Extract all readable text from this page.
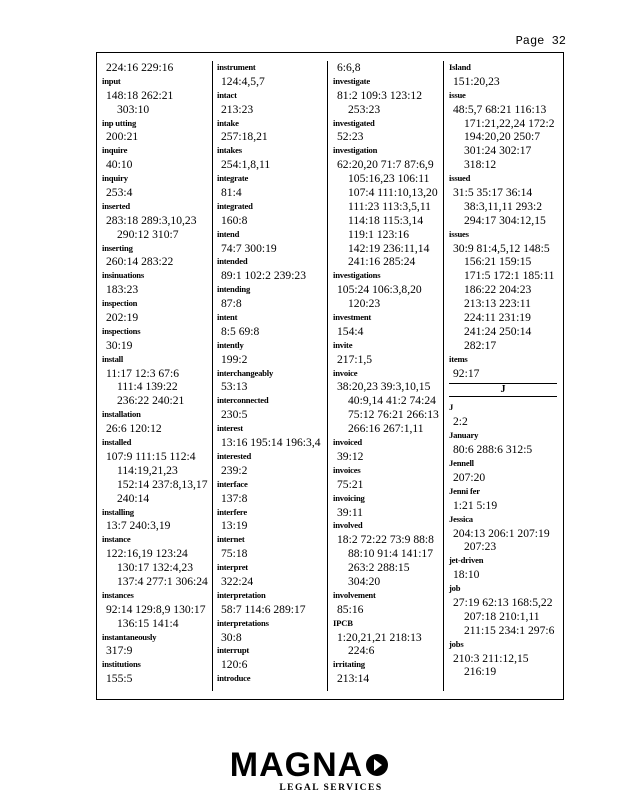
Page 32
224:16 229:16
input
148:18 262:21
303:10
inp utting
200:21
inquire
40:10
inquiry
253:4
inserted
283:18 289:3,10,23
290:12 310:7
inserting
260:14 283:22
insinuations
183:23
inspection
202:19
inspections
30:19
install
11:17 12:3 67:6
111:4 139:22
236:22 240:21
installation
26:6 120:12
installed
107:9 111:15 112:4
114:19,21,23
152:14 237:8,13,17
240:14
installing
13:7 240:3,19
instance
122:16,19 123:24
130:17 132:4,23
137:4 277:1 306:24
instances
92:14 129:8,9 130:17
136:15 141:4
instantaneously
317:9
institutions
155:5
instrument
124:4,5,7
intact
213:23
intake
257:18,21
intakes
254:1,8,11
integrate
81:4
integrated
160:8
intend
74:7 300:19
intended
89:1 102:2 239:23
intending
87:8
intent
8:5 69:8
intently
199:2
interchangeably
53:13
interconnected
230:5
interest
13:16 195:14 196:3,4
interested
239:2
interface
137:8
interfere
13:19
internet
75:18
interpret
322:24
interpretation
58:7 114:6 289:17
interpretations
30:8
interrupt
120:6
introduce
6:6,8
investigate
81:2 109:3 123:12
253:23
investigated
52:23
investigation
62:20,20 71:7 87:6,9
105:16,23 106:11
107:4 111:10,13,20
111:23 113:3,5,11
114:18 115:3,14
119:1 123:16
142:19 236:11,14
241:16 285:24
investigations
105:24 106:3,8,20
120:23
investment
154:4
invite
217:1,5
invoice
38:20,23 39:3,10,15
40:9,14 41:2 74:24
75:12 76:21 266:13
266:16 267:1,11
invoiced
39:12
invoices
75:21
invoicing
39:11
involved
18:2 72:22 73:9 88:8
88:10 91:4 141:17
263:2 288:15
304:20
involvement
85:16
IPCB
1:20,21,21 218:13
224:6
irritating
213:14
Island
151:20,23
issue
48:5,7 68:21 116:13
171:21,22,24 172:2
194:20,20 250:7
301:24 302:17
318:12
issued
31:5 35:17 36:14
38:3,11,11 293:2
294:17 304:12,15
issues
30:9 81:4,5,12 148:5
156:21 159:15
171:5 172:1 185:11
186:22 204:23
213:13 223:11
224:11 231:19
241:24 250:14
282:17
items
92:17
J
J
2:2
January
80:6 288:6 312:5
Jennell
207:20
Jenni fer
1:21 5:19
Jessica
204:13 206:1 207:19
207:23
jet-driven
18:10
job
27:19 62:13 168:5,22
207:18 210:1,11
211:15 234:1 297:6
jobs
210:3 211:12,15
216:19
MAGNA
LEGAL SERVICES
